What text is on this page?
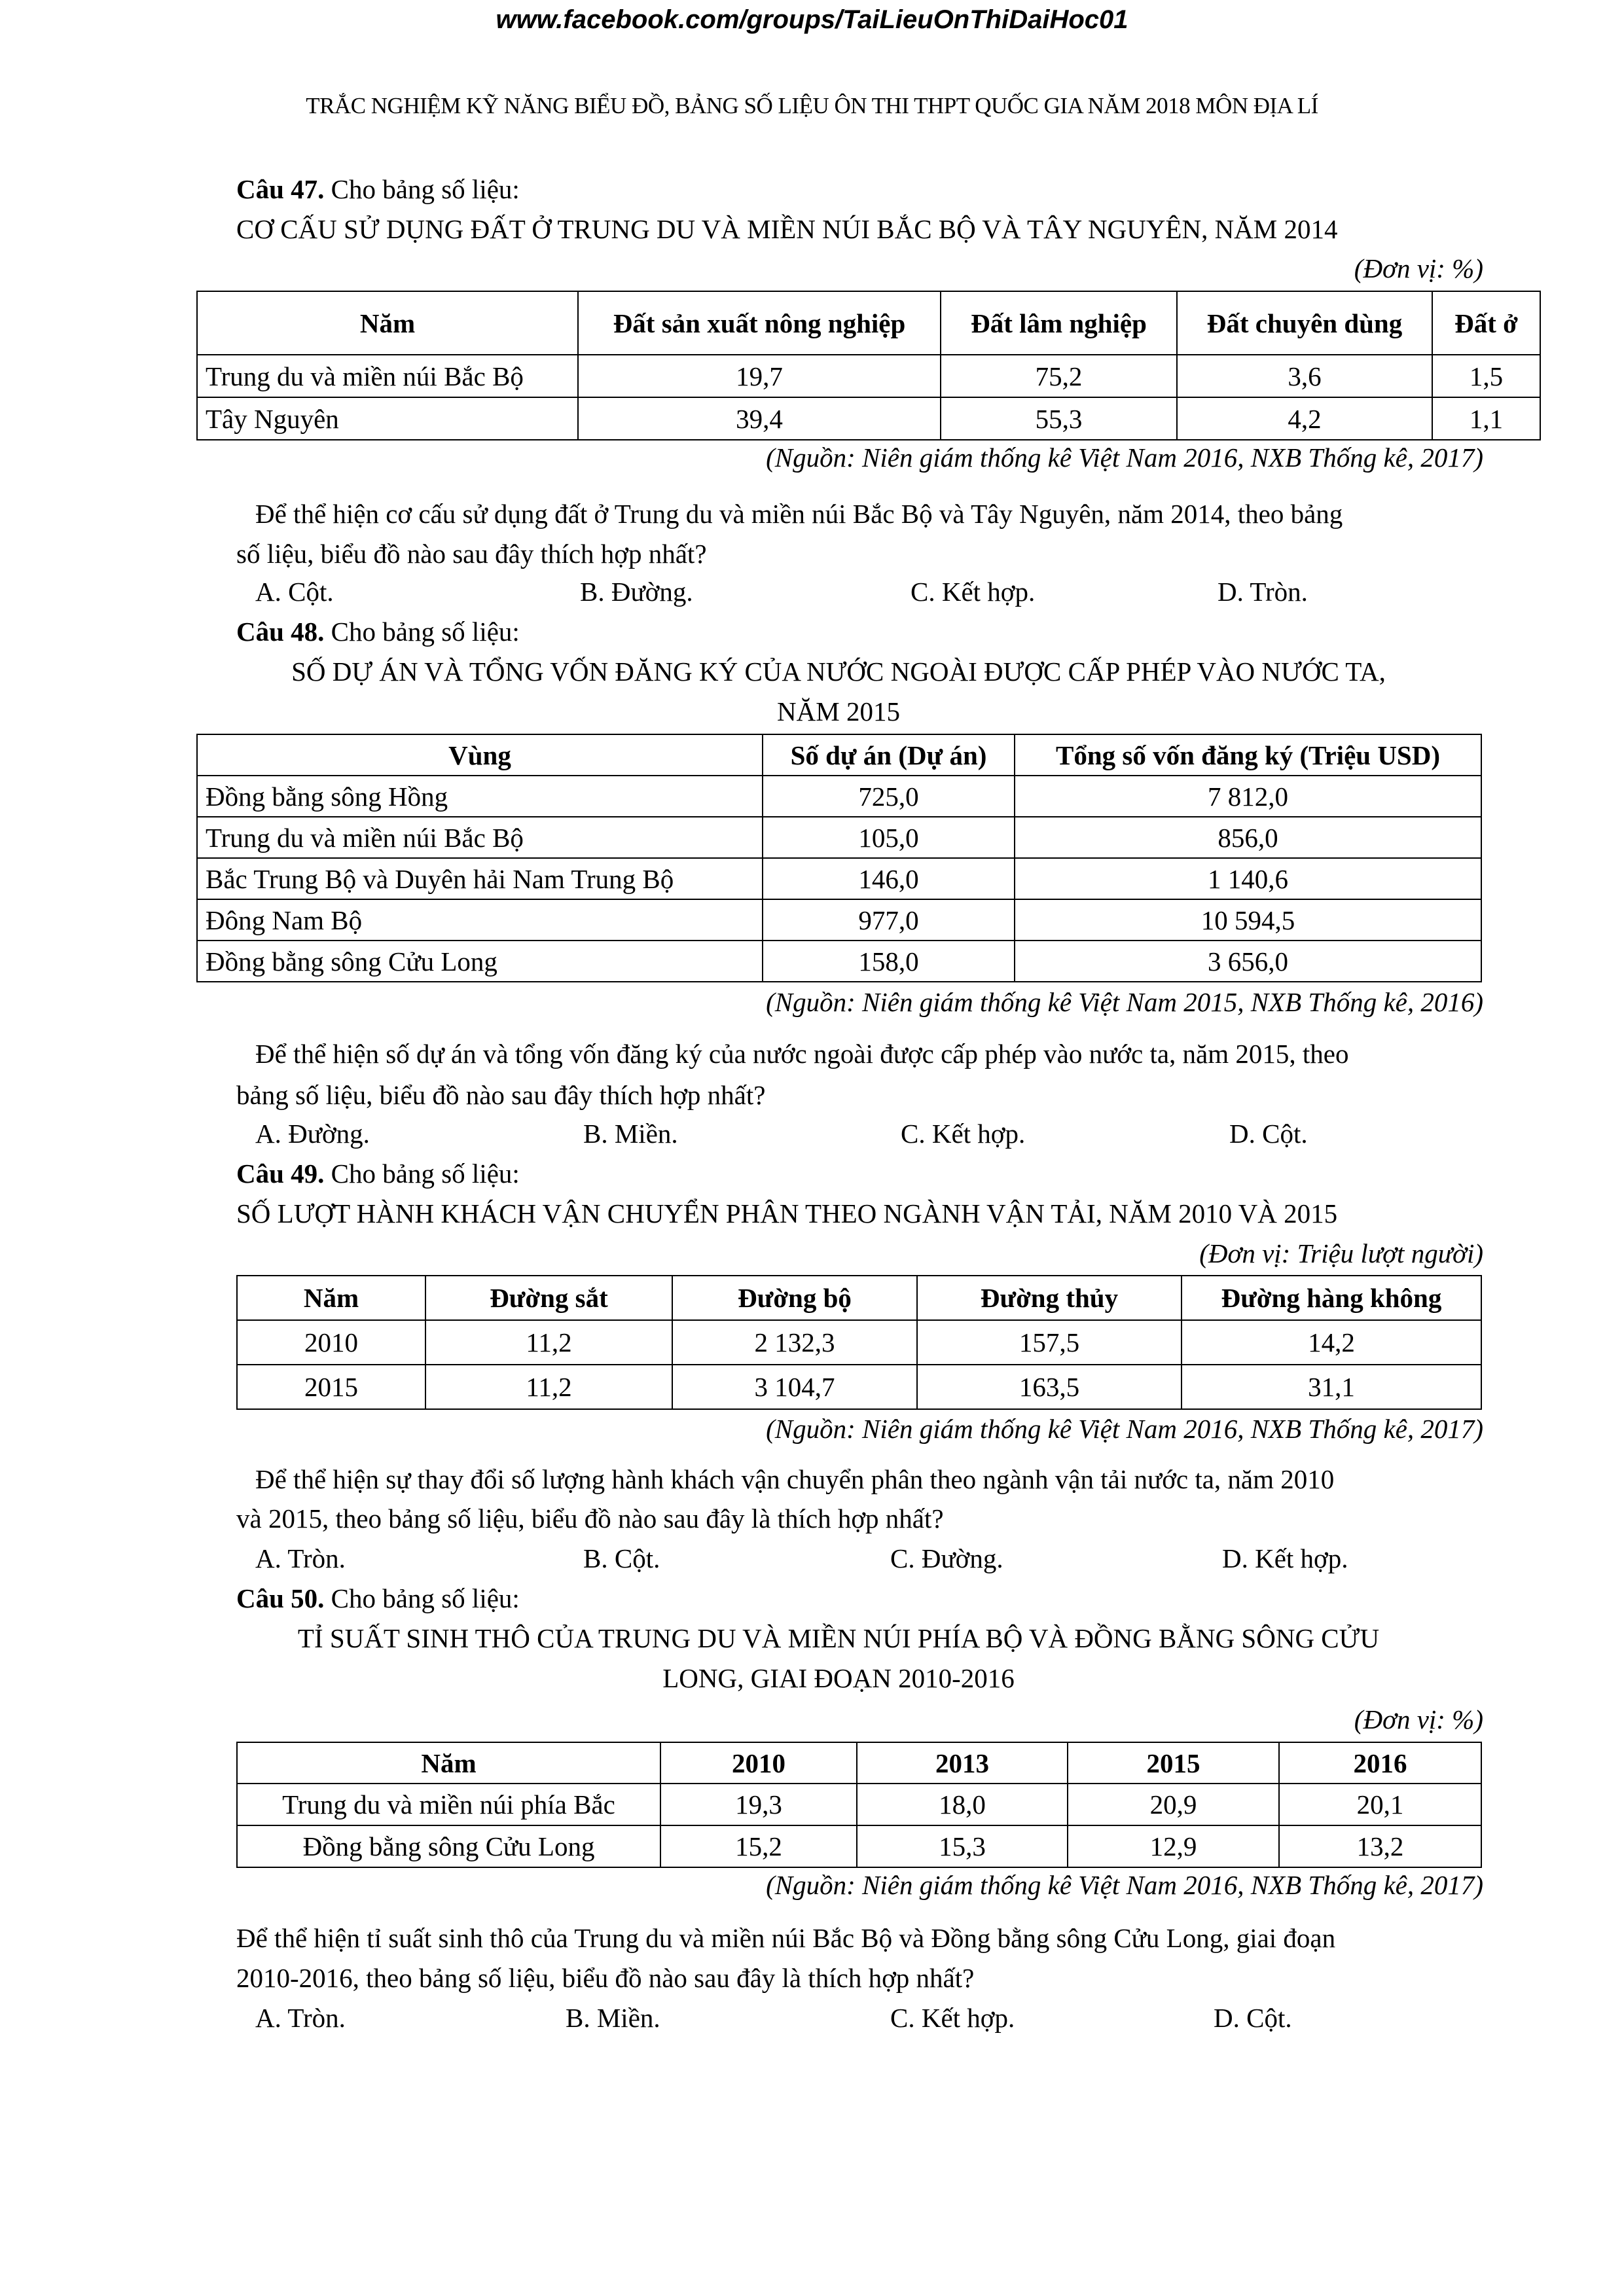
www.facebook.com/groups/TaiLieuOnThiDaiHoc01
TRẮC NGHIỆM KỸ NĂNG BIỂU ĐỒ, BẢNG SỐ LIỆU ÔN THI THPT QUỐC GIA NĂM 2018 MÔN ĐỊA LÍ
Câu 47. Cho bảng số liệu:
CƠ CẤU SỬ DỤNG ĐẤT Ở TRUNG DU VÀ MIỀN NÚI BẮC BỘ VÀ TÂY NGUYÊN, NĂM 2014
(Đơn vị: %)
Năm	Đất sản xuất nông nghiệp	Đất lâm nghiệp	Đất chuyên dùng	Đất ở
Trung du và miền núi Bắc Bộ	19,7	75,2	3,6	1,5
Tây Nguyên	39,4	55,3	4,2	1,1
(Nguồn: Niên giám thống kê Việt Nam 2016, NXB Thống kê, 2017)
Để thể hiện cơ cấu sử dụng đất ở Trung du và miền núi Bắc Bộ và Tây Nguyên, năm 2014, theo bảng
số liệu, biểu đồ nào sau đây thích hợp nhất?
A. Cột.	B. Đường.	C. Kết hợp.	D. Tròn.
Câu 48. Cho bảng số liệu:
SỐ DỰ ÁN VÀ TỔNG VỐN ĐĂNG KÝ CỦA NƯỚC NGOÀI ĐƯỢC CẤP PHÉP VÀO NƯỚC TA,
NĂM 2015
Vùng	Số dự án (Dự án)	Tổng số vốn đăng ký (Triệu USD)
Đồng bằng sông Hồng	725,0	7 812,0
Trung du và miền núi Bắc Bộ	105,0	856,0
Bắc Trung Bộ và Duyên hải Nam Trung Bộ	146,0	1 140,6
Đông Nam Bộ	977,0	10 594,5
Đồng bằng sông Cửu Long	158,0	3 656,0
(Nguồn: Niên giám thống kê Việt Nam 2015, NXB Thống kê, 2016)
Để thể hiện số dự án và tổng vốn đăng ký của nước ngoài được cấp phép vào nước ta, năm 2015, theo
bảng số liệu, biểu đồ nào sau đây thích hợp nhất?
A. Đường.	B. Miền.	C. Kết hợp.	D. Cột.
Câu 49. Cho bảng số liệu:
SỐ LƯỢT HÀNH KHÁCH VẬN CHUYỂN PHÂN THEO NGÀNH VẬN TẢI, NĂM 2010 VÀ 2015
(Đơn vị: Triệu lượt người)
Năm	Đường sắt	Đường bộ	Đường thủy	Đường hàng không
2010	11,2	2 132,3	157,5	14,2
2015	11,2	3 104,7	163,5	31,1
(Nguồn: Niên giám thống kê Việt Nam 2016, NXB Thống kê, 2017)
Để thể hiện sự thay đổi số lượng hành khách vận chuyển phân theo ngành vận tải nước ta, năm 2010
và 2015, theo bảng số liệu, biểu đồ nào sau đây là thích hợp nhất?
A. Tròn.	B. Cột.	C. Đường.	D. Kết hợp.
Câu 50. Cho bảng số liệu:
TỈ SUẤT SINH THÔ CỦA TRUNG DU VÀ MIỀN NÚI PHÍA BỘ VÀ ĐỒNG BẰNG SÔNG CỬU
LONG, GIAI ĐOẠN 2010-2016
(Đơn vị: %)
Năm	2010	2013	2015	2016
Trung du và miền núi phía Bắc	19,3	18,0	20,9	20,1
Đồng bằng sông Cửu Long	15,2	15,3	12,9	13,2
(Nguồn: Niên giám thống kê Việt Nam 2016, NXB Thống kê, 2017)
Để thể hiện tỉ suất sinh thô của Trung du và miền núi Bắc Bộ và Đồng bằng sông Cửu Long, giai đoạn
2010-2016, theo bảng số liệu, biểu đồ nào sau đây là thích hợp nhất?
A. Tròn.	B. Miền.	C. Kết hợp.	D. Cột.
